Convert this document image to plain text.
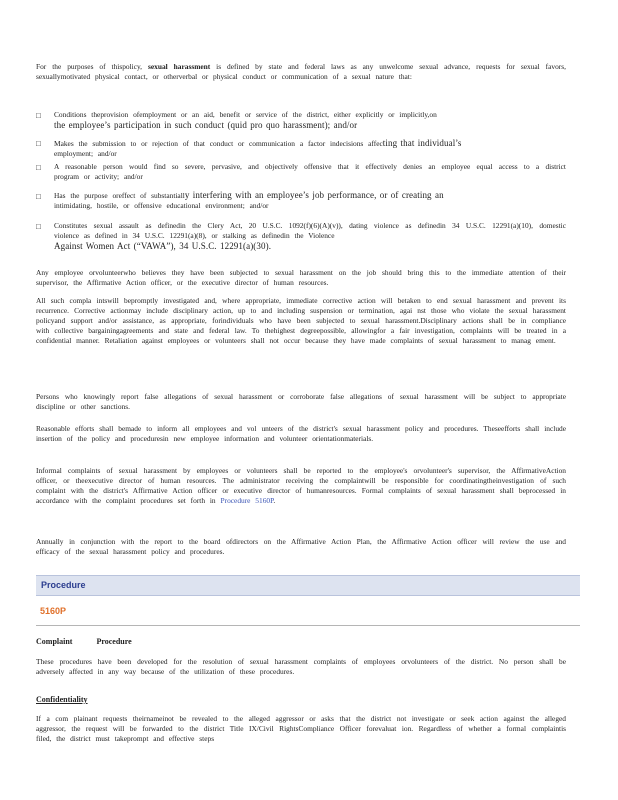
For the purposes of thispolicy, sexual harassment is defined by state and federal laws as any unwelcome sexual advance, requests for sexual favors, sexuallymotivated physical contact, or otherverbal or physical conduct or communication of a sexual nature that:
□	Conditions theprovision ofemployment or an aid, benefit or service of the district, either explicitly or implicitly,on
the employee’s participation in such conduct (quid pro quo harassment); and/or
□	Makes the submission to or rejection of that conduct or communication a factor indecisions affecting that individual’s
employment; and/or
□	A reasonable person would find so severe, pervasive, and objectively offensive that it effectively denies an employee equal access to a district program or activity; and/or
□	Has the purpose oreffect of substantially interfering with an employee’s job performance, or of creating an
intimidating, hostile, or offensive educational environment; and/or
□	Constitutes sexual assault as definedin the Clery Act, 20 U.S.C. 1092(f)(6)(A)(v)), dating violence as definedin 34 U.S.C. 12291(a)(10), domestic violence as defined in 34 U.S.C. 12291(a)(8), or stalking as definedin the Violence
Against Women Act (“VAWA”), 34 U.S.C. 12291(a)(30).
Any employee orvolunteerwho believes they have been subjected to sexual harassment on the job should bring this to the immediate attention of their supervisor, the Affirmative Action officer, or the executive director of human resources.
All such compla intswill bepromptly investigated and, where appropriate, immediate corrective action will betaken to end sexual harassment and prevent its recurrence. Corrective actionmay include disciplinary action, up to and including suspension or termination, agai nst those who violate the sexual harassment policyand support and/or assistance, as appropriate, forindividuals who have been subjected to sexual harassment.Disciplinary actions shall be in compliance with collective bargainingagreements and state and federal law. To thehighest degreepossible, allowingfor a fair investigation, complaints will be treated in a confidential manner. Retaliation against employees or volunteers shall not occur because they have made complaints of sexual harassment to manag ement.
Persons who knowingly report false allegations of sexual harassment or corroborate false allegations of sexual harassment will be subject to appropriate discipline or other sanctions.
Reasonable efforts shall bemade to inform all employees and vol unteers of the district's sexual harassment policy and procedures. Theseefforts shall include insertion of the policy and proceduresin new employee information and volunteer orientationmaterials.
Informal complaints of sexual harassment by employees or volunteers shall be reported to the employee's orvolunteer's supervisor, the AffirmativeAction officer, or theexecutive director of human resources. The administrator receiving the complaintwill be responsible for coordinatingtheinvestigation of such complaint with the district's Affirmative Action officer or executive director of humanresources. Formal complaints of sexual harassment shall beprocessed in accordance with the complaint procedures set forth in Procedure 5160P.
Annually in conjunction with the report to the board ofdirectors on the Affirmative Action Plan, the Affirmative Action officer will review the use and efficacy of the sexual harassment policy and procedures.
Procedure
5160P
Complaint Procedure
These procedures have been developed for the resolution of sexual harassment complaints of employees orvolunteers of the district. No person shall be adversely affected in any way because of the utilization of these procedures.
Confidentiality
If a com plainant requests theirnameinot be revealed to the alleged aggressor or asks that the district not investigate or seek action against the alleged aggressor, the request will be forwarded to the district Title IX/Civil RightsCompliance Officer forevaluat ion. Regardless of whether a formal complaintis filed, the district must takeprompt and effective steps
